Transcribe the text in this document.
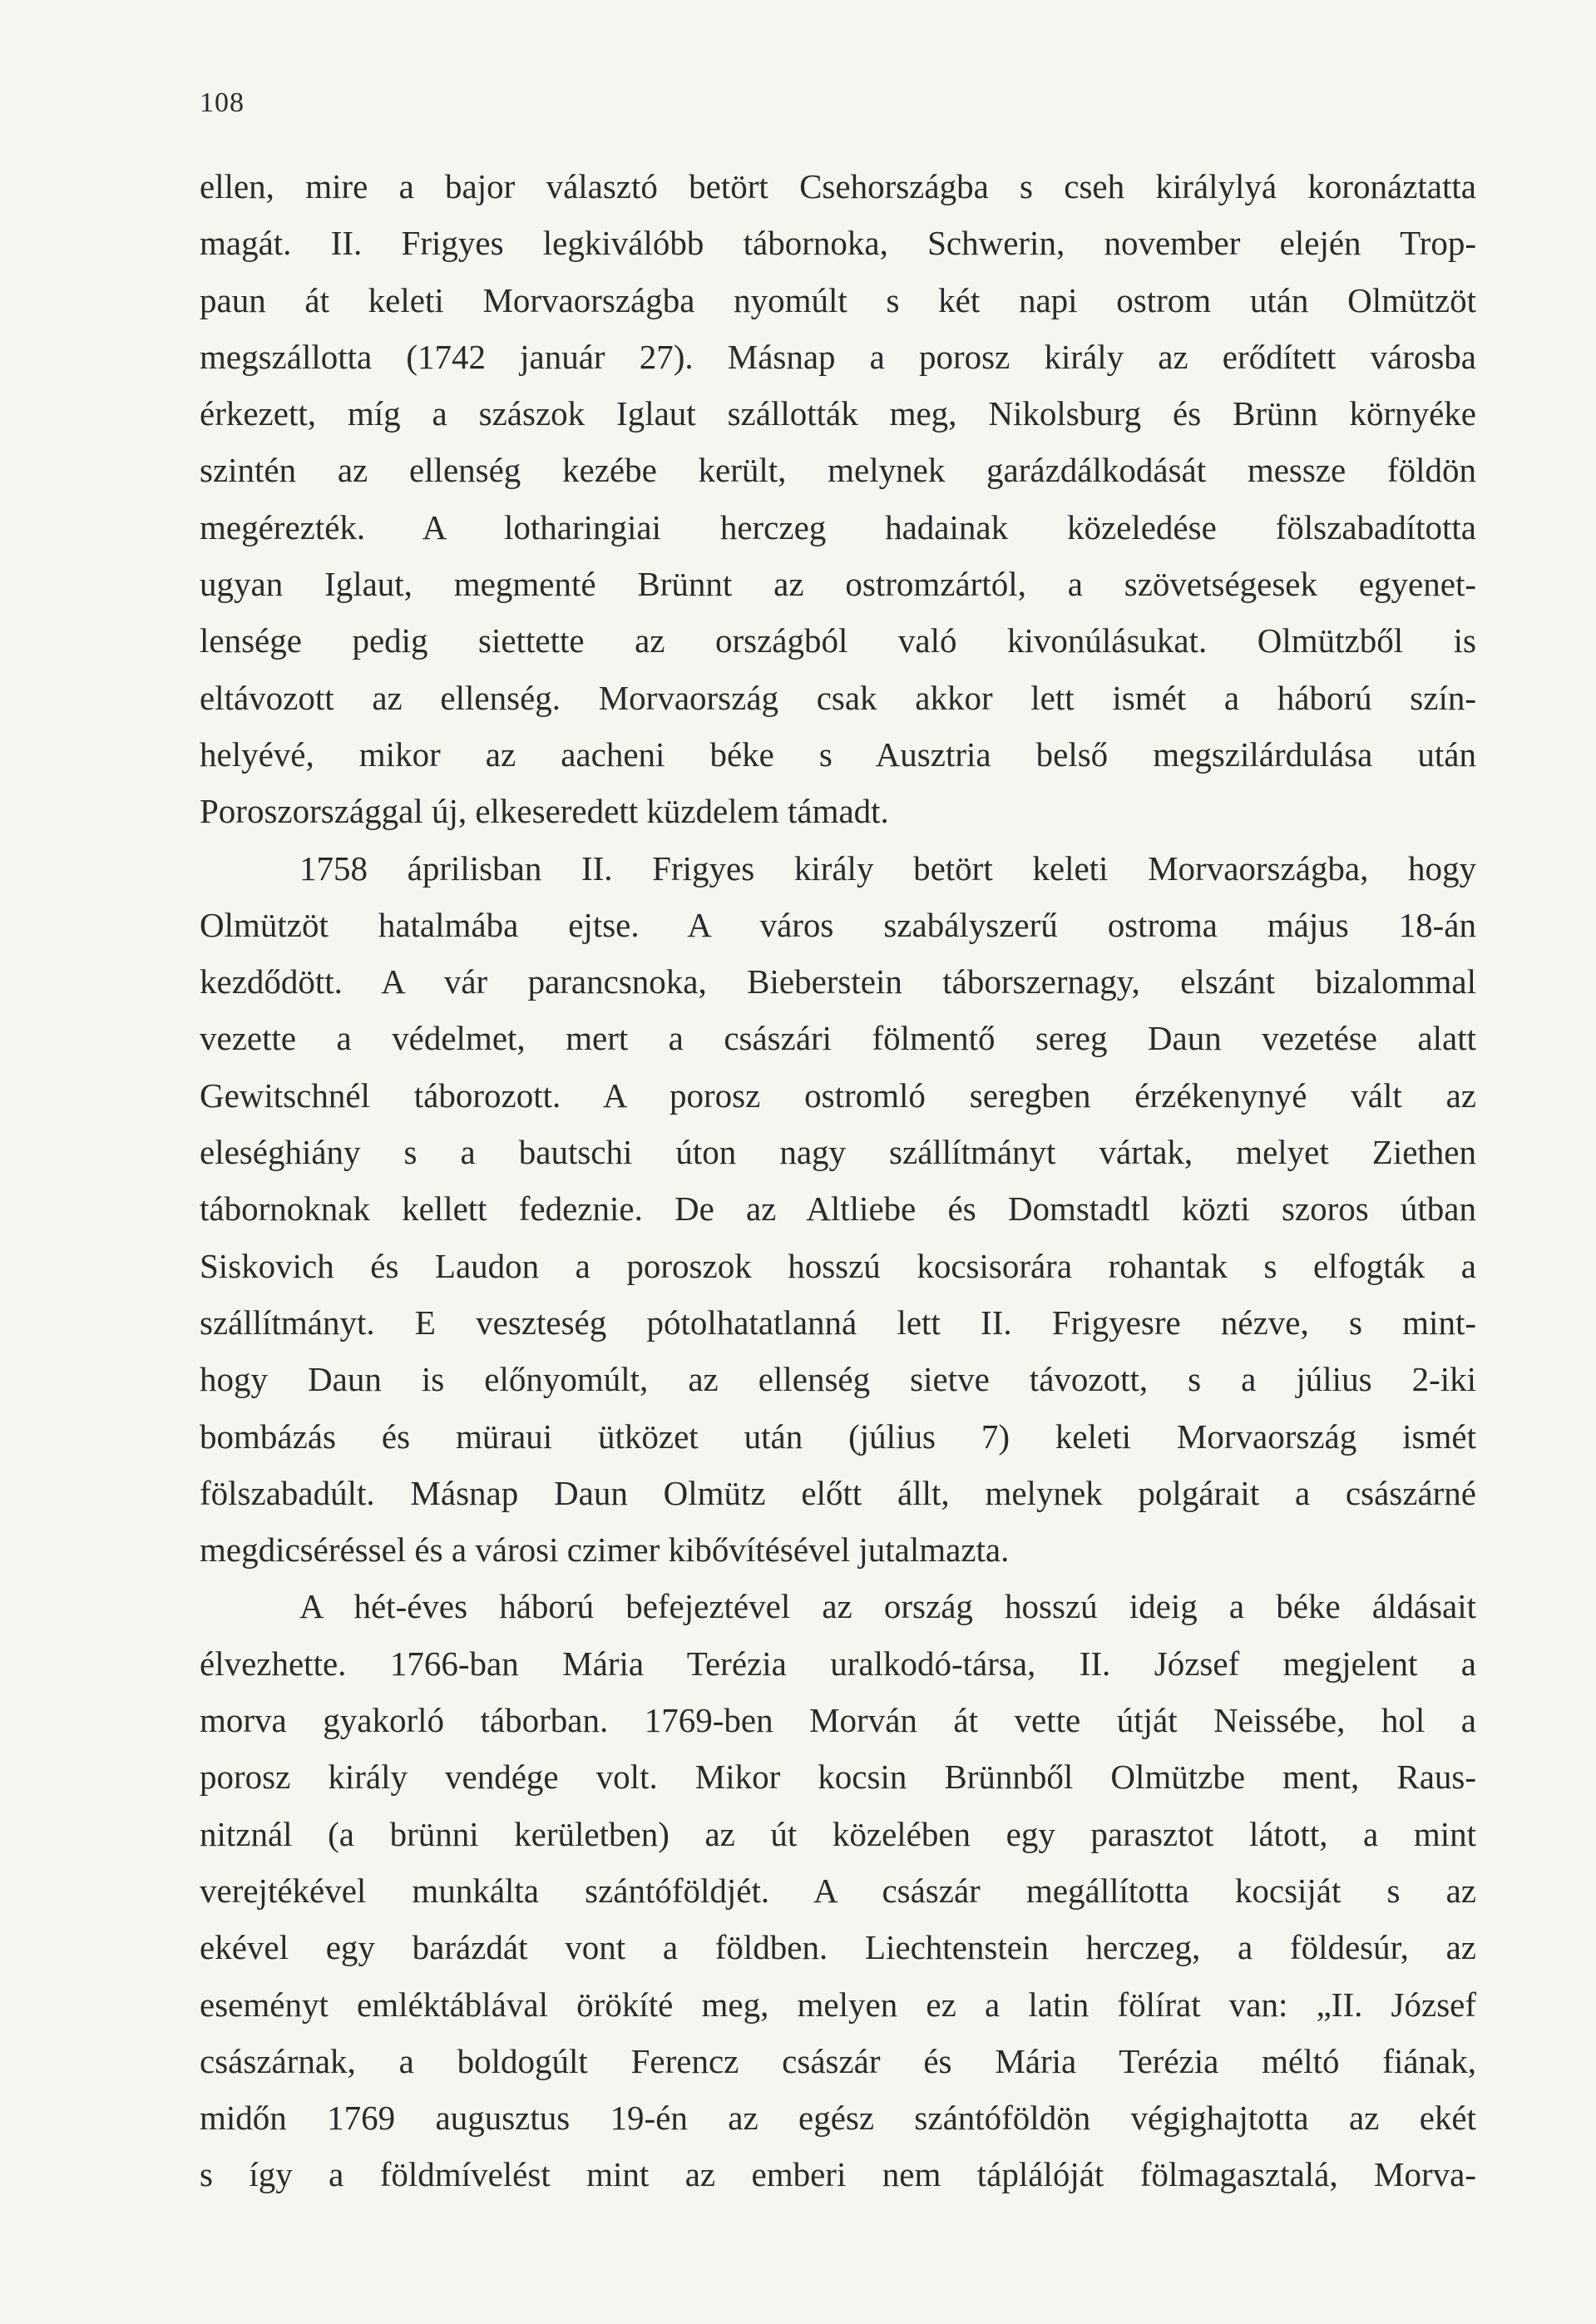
108
ellen, mire a bajor választó betört Csehországba s cseh királylyá koronáztatta
magát. II. Frigyes legkiválóbb tábornoka, Schwerin, november elején Trop-
paun át keleti Morvaországba nyomúlt s két napi ostrom után Olmützöt
megszállotta (1742 január 27). Másnap a porosz király az erődített városba
érkezett, míg a szászok Iglaut szállották meg, Nikolsburg és Brünn környéke
szintén az ellenség kezébe került, melynek garázdálkodását messze földön
megérezték. A lotharingiai herczeg hadainak közeledése fölszabadította
ugyan Iglaut, megmenté Brünnt az ostromzártól, a szövetségesek egyenet-
lensége pedig siettette az országból való kivonúlásukat. Olmützből is
eltávozott az ellenség. Morvaország csak akkor lett ismét a háború szín-
helyévé, mikor az aacheni béke s Ausztria belső megszilárdulása után
Poroszországgal új, elkeseredett küzdelem támadt.
1758 áprilisban II. Frigyes király betört keleti Morvaországba, hogy
Olmützöt hatalmába ejtse. A város szabályszerű ostroma május 18-án
kezdődött. A vár parancsnoka, Bieberstein táborszernagy, elszánt bizalommal
vezette a védelmet, mert a császári fölmentő sereg Daun vezetése alatt
Gewitschnél táborozott. A porosz ostromló seregben érzékenynyé vált az
eleséghiány s a bautschi úton nagy szállítmányt vártak, melyet Ziethen
tábornoknak kellett fedeznie. De az Altliebe és Domstadtl közti szoros útban
Siskovich és Laudon a poroszok hosszú kocsisorára rohantak s elfogták a
szállítmányt. E veszteség pótolhatatlanná lett II. Frigyesre nézve, s mint-
hogy Daun is előnyomúlt, az ellenség sietve távozott, s a július 2-iki
bombázás és müraui ütközet után (július 7) keleti Morvaország ismét
fölszabadúlt. Másnap Daun Olmütz előtt állt, melynek polgárait a császárné
megdicséréssel és a városi czimer kibővítésével jutalmazta.
A hét-éves háború befejeztével az ország hosszú ideig a béke áldásait
élvezhette. 1766-ban Mária Terézia uralkodó-társa, II. József megjelent a
morva gyakorló táborban. 1769-ben Morván át vette útját Neissébe, hol a
porosz király vendége volt. Mikor kocsin Brünnből Olmützbe ment, Raus-
nitznál (a brünni kerületben) az út közelében egy parasztot látott, a mint
verejtékével munkálta szántóföldjét. A császár megállította kocsiját s az
ekével egy barázdát vont a földben. Liechtenstein herczeg, a földesúr, az
eseményt emléktáblával örökíté meg, melyen ez a latin fölírat van: „II. József
császárnak, a boldogúlt Ferencz császár és Mária Terézia méltó fiának,
midőn 1769 augusztus 19-én az egész szántóföldön végighajtotta az ekét
s így a földmívelést mint az emberi nem táplálóját fölmagasztalá, Morva-
